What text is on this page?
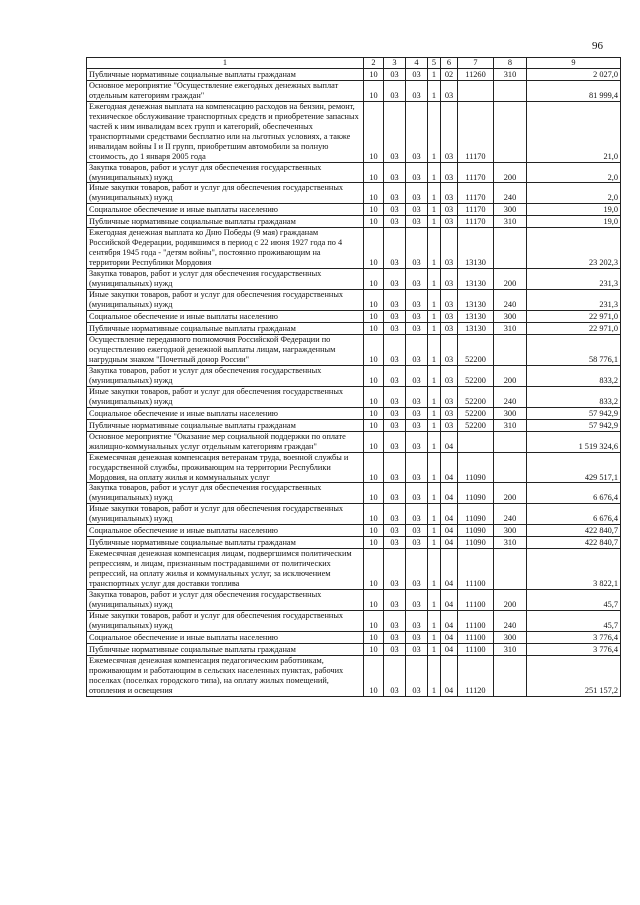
96
1	2	3	4	5	6	7	8	9
Публичные нормативные социальные выплаты гражданам	10	03	03	1	02	11260	310	2 027,0
Основное мероприятие "Осуществление ежегодных денежных выплат отдельным категориям граждан"	10	03	03	1	03			81 999,4
Ежегодная денежная выплата на компенсацию расходов на бензин, ремонт, техническое обслуживание транспортных средств и приобретение запасных частей к ним инвалидам всех групп и категорий, обеспеченных транспортными средствами бесплатно или на льготных условиях, а также инвалидам войны I и II групп, приобретшим автомобили за полную стоимость, до 1 января 2005 года	10	03	03	1	03	11170		21,0
Закупка товаров, работ и услуг для обеспечения государственных (муниципальных) нужд	10	03	03	1	03	11170	200	2,0
Иные закупки товаров, работ и услуг для обеспечения государственных (муниципальных) нужд	10	03	03	1	03	11170	240	2,0
Социальное обеспечение и иные выплаты населению	10	03	03	1	03	11170	300	19,0
Публичные нормативные социальные выплаты гражданам	10	03	03	1	03	11170	310	19,0
Ежегодная денежная выплата ко Дню Победы (9 мая) гражданам Российской Федерации, родившимся в период с 22 июня 1927 года по 4 сентября 1945 года - "детям войны", постоянно проживающим на территории Республики Мордовия	10	03	03	1	03	13130		23 202,3
Закупка товаров, работ и услуг для обеспечения государственных (муниципальных) нужд	10	03	03	1	03	13130	200	231,3
Иные закупки товаров, работ и услуг для обеспечения государственных (муниципальных) нужд	10	03	03	1	03	13130	240	231,3
Социальное обеспечение и иные выплаты населению	10	03	03	1	03	13130	300	22 971,0
Публичные нормативные социальные выплаты гражданам	10	03	03	1	03	13130	310	22 971,0
Осуществление переданного полномочия Российской Федерации по осуществлению ежегодной денежной выплаты лицам, награжденным нагрудным знаком "Почетный донор России"	10	03	03	1	03	52200		58 776,1
Закупка товаров, работ и услуг для обеспечения государственных (муниципальных) нужд	10	03	03	1	03	52200	200	833,2
Иные закупки товаров, работ и услуг для обеспечения государственных (муниципальных) нужд	10	03	03	1	03	52200	240	833,2
Социальное обеспечение и иные выплаты населению	10	03	03	1	03	52200	300	57 942,9
Публичные нормативные социальные выплаты гражданам	10	03	03	1	03	52200	310	57 942,9
Основное мероприятие "Оказание мер социальной поддержки по оплате жилищно-коммунальных услуг отдельным категориям граждан"	10	03	03	1	04			1 519 324,6
Ежемесячная денежная компенсация ветеранам труда, военной службы и государственной службы, проживающим на территории Республики Мордовия, на оплату жилья и коммунальных услуг	10	03	03	1	04	11090		429 517,1
Закупка товаров, работ и услуг для обеспечения государственных (муниципальных) нужд	10	03	03	1	04	11090	200	6 676,4
Иные закупки товаров, работ и услуг для обеспечения государственных (муниципальных) нужд	10	03	03	1	04	11090	240	6 676,4
Социальное обеспечение и иные выплаты населению	10	03	03	1	04	11090	300	422 840,7
Публичные нормативные социальные выплаты гражданам	10	03	03	1	04	11090	310	422 840,7
Ежемесячная денежная компенсация лицам, подвергшимся политическим репрессиям, и лицам, признанным пострадавшими от политических репрессий, на оплату жилья и коммунальных услуг, за исключением транспортных услуг для доставки топлива	10	03	03	1	04	11100		3 822,1
Закупка товаров, работ и услуг для обеспечения государственных (муниципальных) нужд	10	03	03	1	04	11100	200	45,7
Иные закупки товаров, работ и услуг для обеспечения государственных (муниципальных) нужд	10	03	03	1	04	11100	240	45,7
Социальное обеспечение и иные выплаты населению	10	03	03	1	04	11100	300	3 776,4
Публичные нормативные социальные выплаты гражданам	10	03	03	1	04	11100	310	3 776,4
Ежемесячная денежная компенсация педагогическим работникам, проживающим и работающим в сельских населенных пунктах, рабочих поселках (поселках городского типа), на оплату жилых помещений, отопления и освещения	10	03	03	1	04	11120		251 157,2
